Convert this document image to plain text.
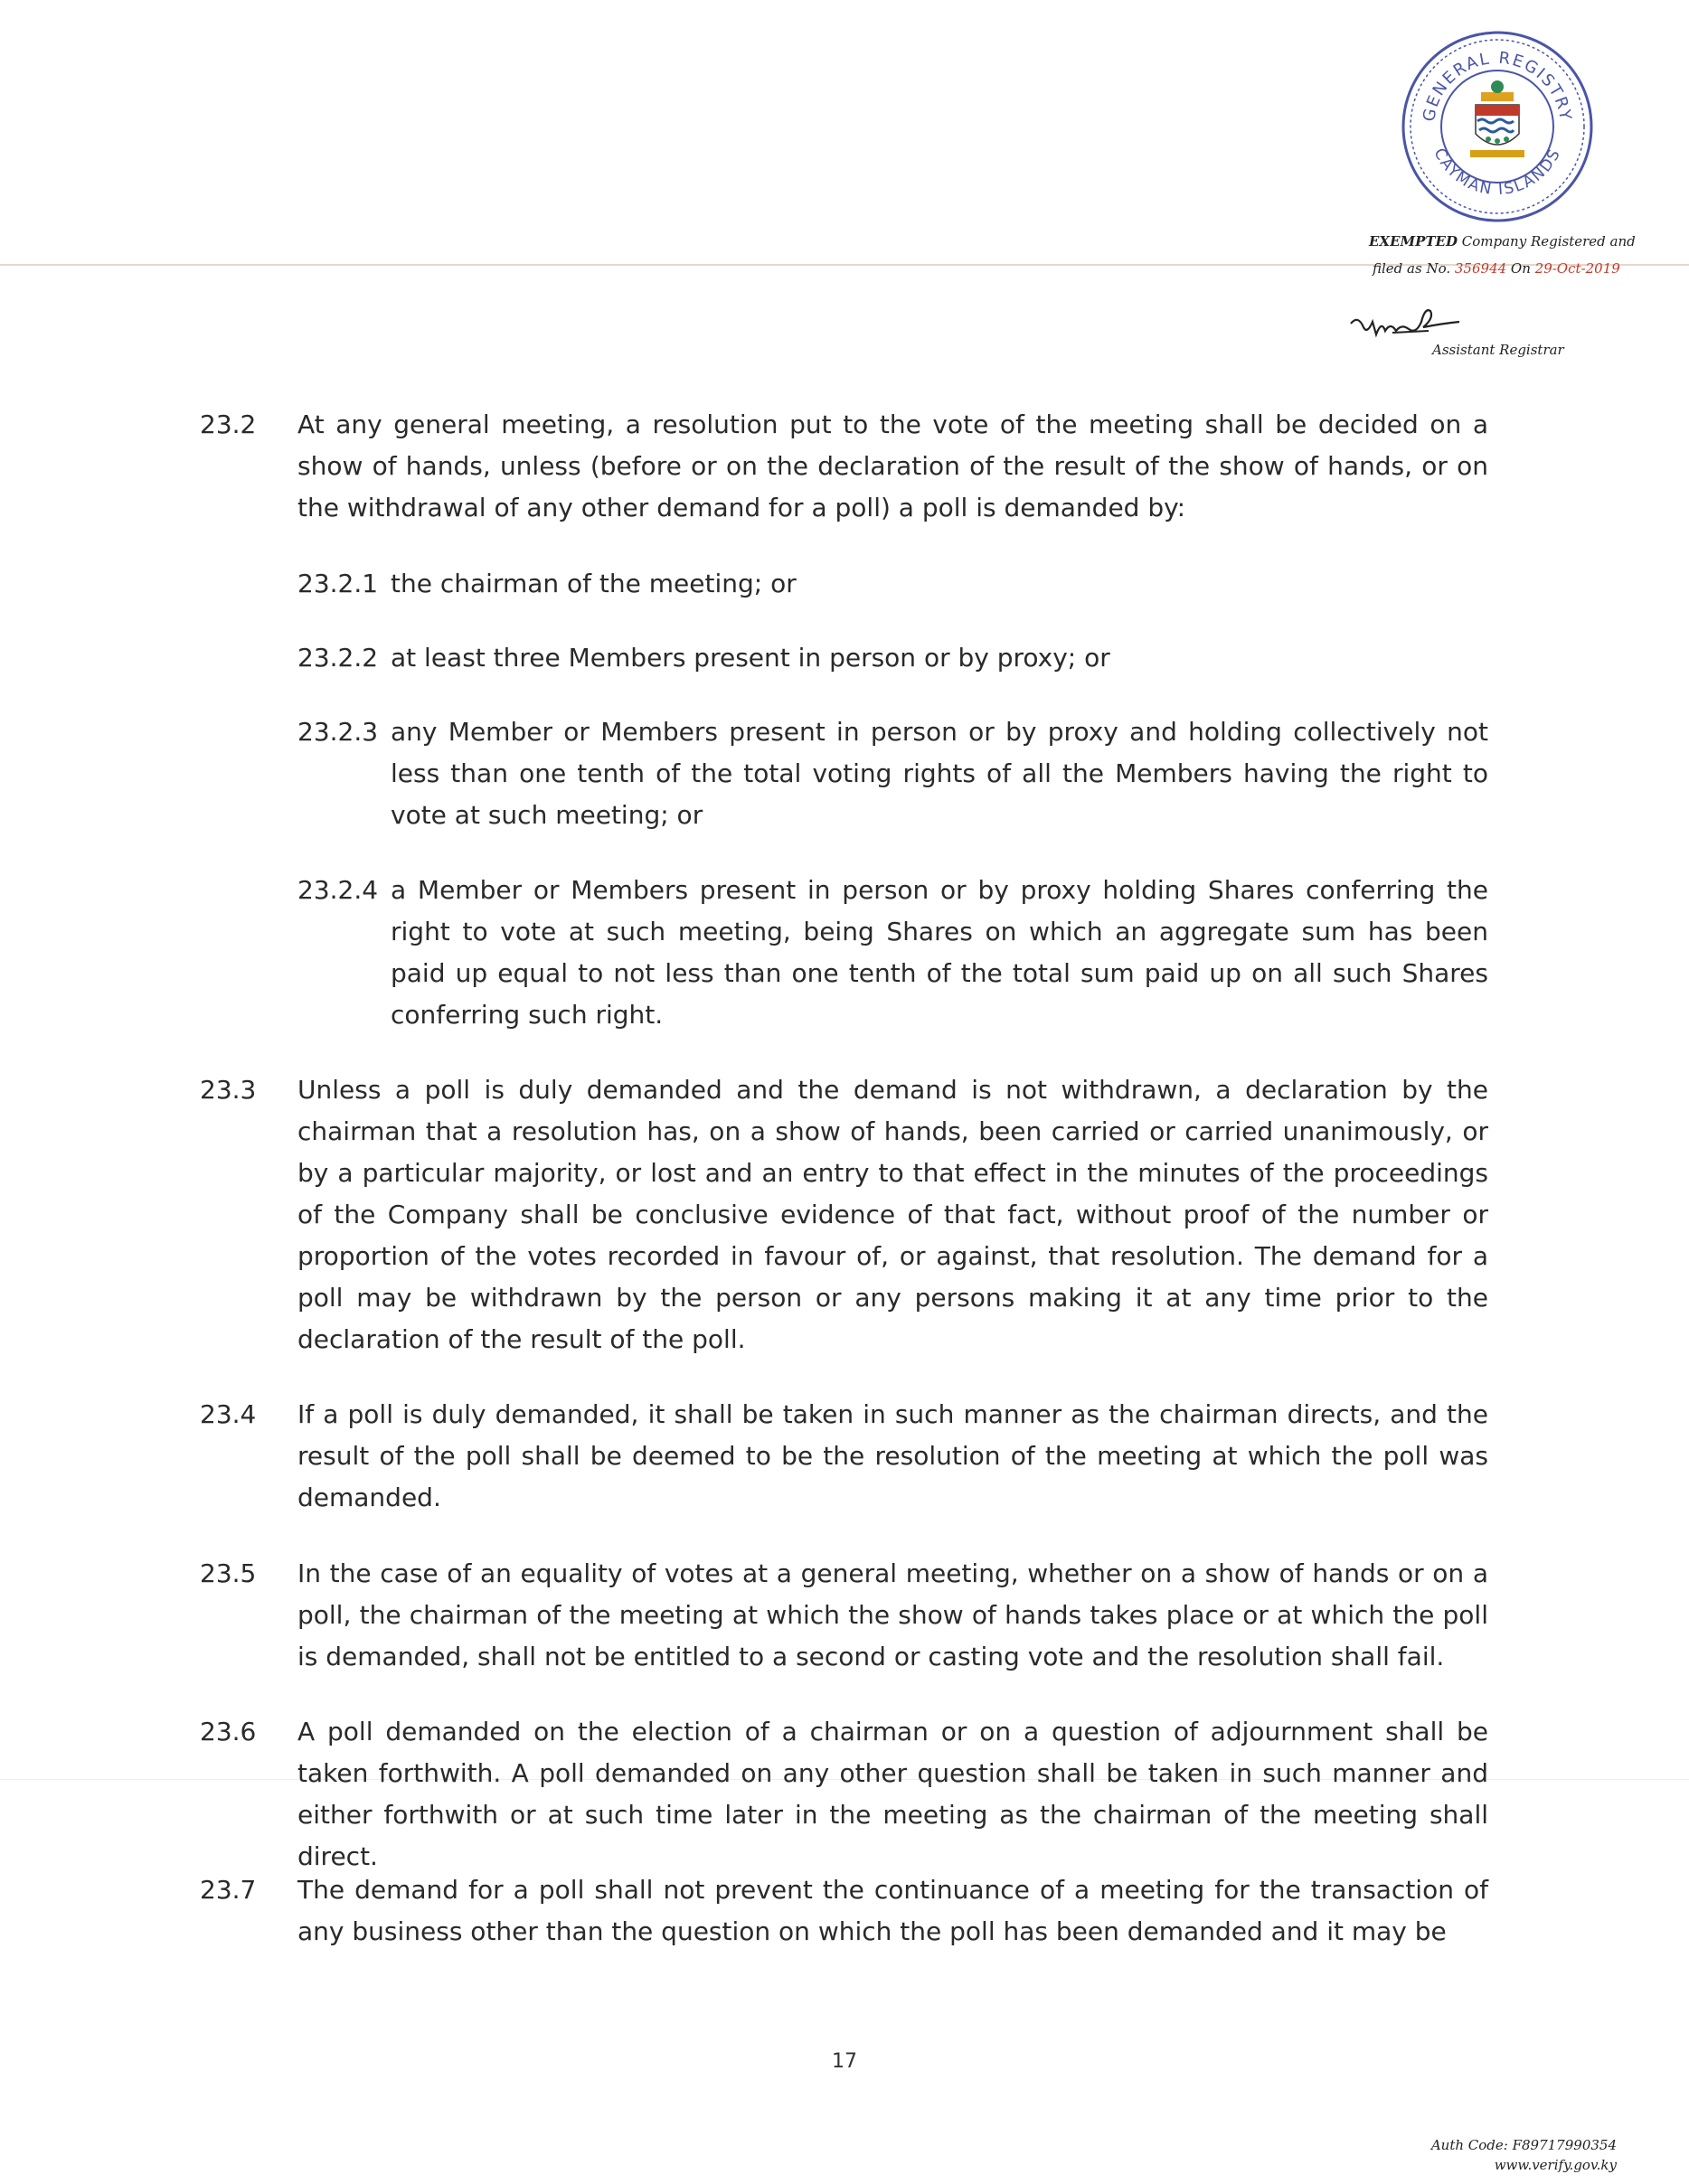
GENERAL REGISTRY
CAYMAN ISLANDS
EXEMPTED Company Registered and
filed as No. 356944 On 29-Oct-2019
Assistant Registrar
23.2 At any general meeting, a resolution put to the vote of the meeting shall be decided on a show of hands, unless (before or on the declaration of the result of the show of hands, or on the withdrawal of any other demand for a poll) a poll is demanded by:
23.2.1 the chairman of the meeting; or
23.2.2 at least three Members present in person or by proxy; or
23.2.3 any Member or Members present in person or by proxy and holding collectively not less than one tenth of the total voting rights of all the Members having the right to vote at such meeting; or
23.2.4 a Member or Members present in person or by proxy holding Shares conferring the right to vote at such meeting, being Shares on which an aggregate sum has been paid up equal to not less than one tenth of the total sum paid up on all such Shares conferring such right.
23.3 Unless a poll is duly demanded and the demand is not withdrawn, a declaration by the chairman that a resolution has, on a show of hands, been carried or carried unanimously, or by a particular majority, or lost and an entry to that effect in the minutes of the proceedings of the Company shall be conclusive evidence of that fact, without proof of the number or proportion of the votes recorded in favour of, or against, that resolution. The demand for a poll may be withdrawn by the person or any persons making it at any time prior to the declaration of the result of the poll.
23.4 If a poll is duly demanded, it shall be taken in such manner as the chairman directs, and the result of the poll shall be deemed to be the resolution of the meeting at which the poll was demanded.
23.5 In the case of an equality of votes at a general meeting, whether on a show of hands or on a poll, the chairman of the meeting at which the show of hands takes place or at which the poll is demanded, shall not be entitled to a second or casting vote and the resolution shall fail.
23.6 A poll demanded on the election of a chairman or on a question of adjournment shall be taken forthwith. A poll demanded on any other question shall be taken in such manner and either forthwith or at such time later in the meeting as the chairman of the meeting shall direct.
23.7 The demand for a poll shall not prevent the continuance of a meeting for the transaction of any business other than the question on which the poll has been demanded and it may be
17
Auth Code: F89717990354
www.verify.gov.ky
